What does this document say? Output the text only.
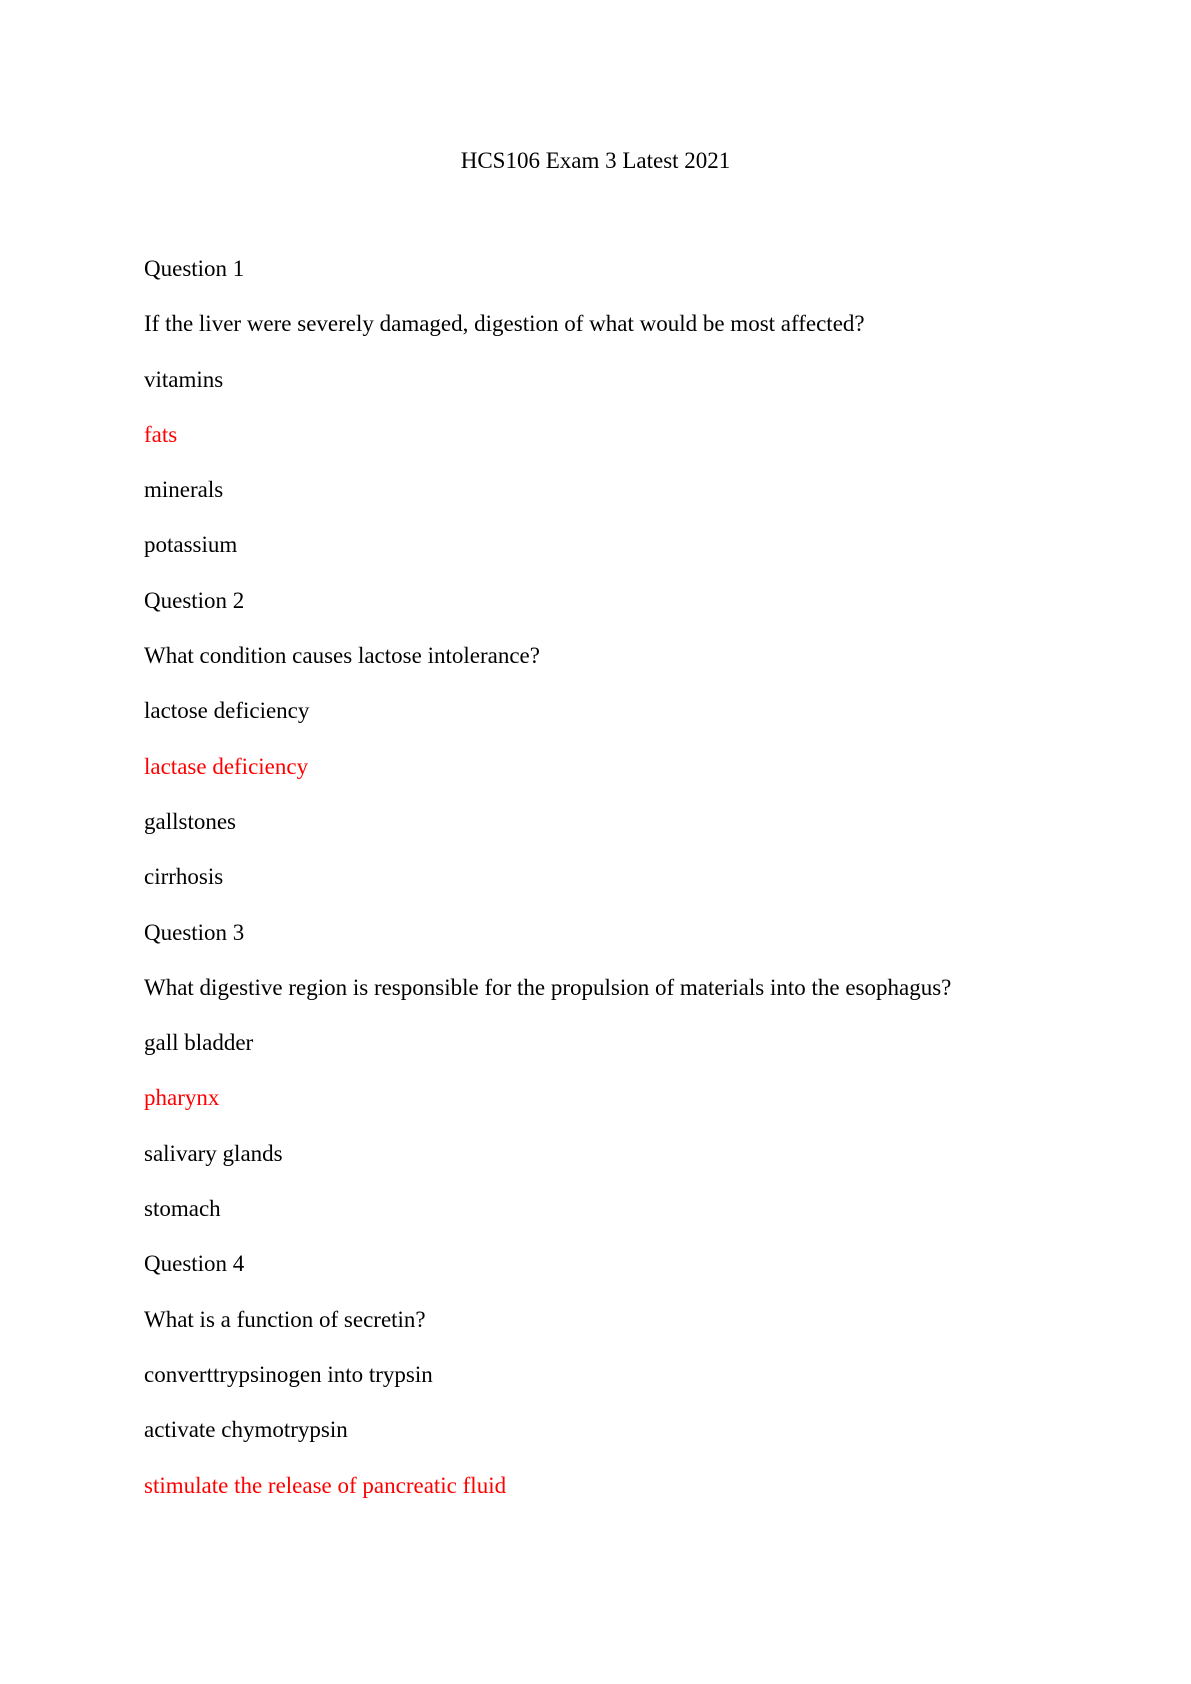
HCS106 Exam 3 Latest 2021
Question 1
If the liver were severely damaged, digestion of what would be most affected?
vitamins
fats
minerals
potassium
Question 2
What condition causes lactose intolerance?
lactose deficiency
lactase deficiency
gallstones
cirrhosis
Question 3
What digestive region is responsible for the propulsion of materials into the esophagus?
gall bladder
pharynx
salivary glands
stomach
Question 4
What is a function of secretin?
converttrypsinogen into trypsin
activate chymotrypsin
stimulate the release of pancreatic fluid
